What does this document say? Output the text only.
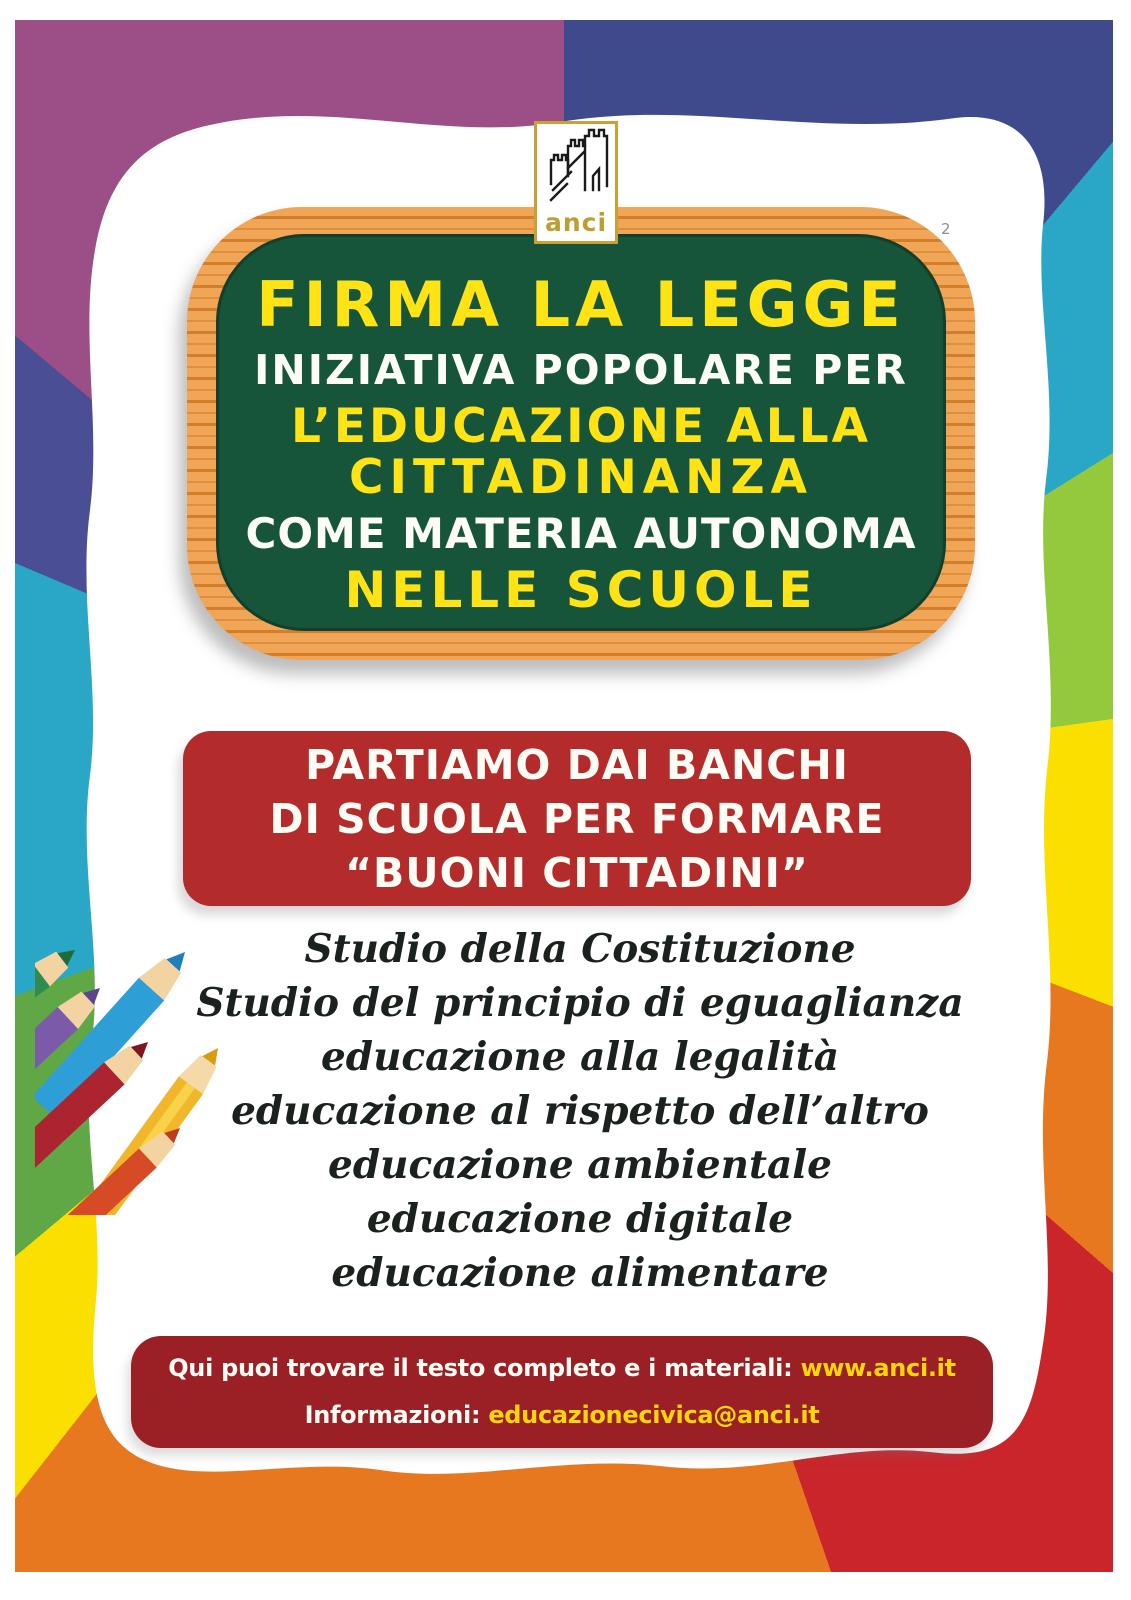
FIRMA LA LEGGE
INIZIATIVA POPOLARE PER
L’EDUCAZIONE ALLA
CITTADINANZA
COME MATERIA AUTONOMA
NELLE SCUOLE
anci	2
PARTIAMO DAI BANCHI
DI SCUOLA PER FORMARE
“BUONI CITTADINI”
Studio della Costituzione
Studio del principio di eguaglianza
educazione alla legalità
educazione al rispetto dell’altro
educazione ambientale
educazione digitale
educazione alimentare
Qui puoi trovare il testo completo e i materiali: www.anci.it
Informazioni: educazionecivica@anci.it
